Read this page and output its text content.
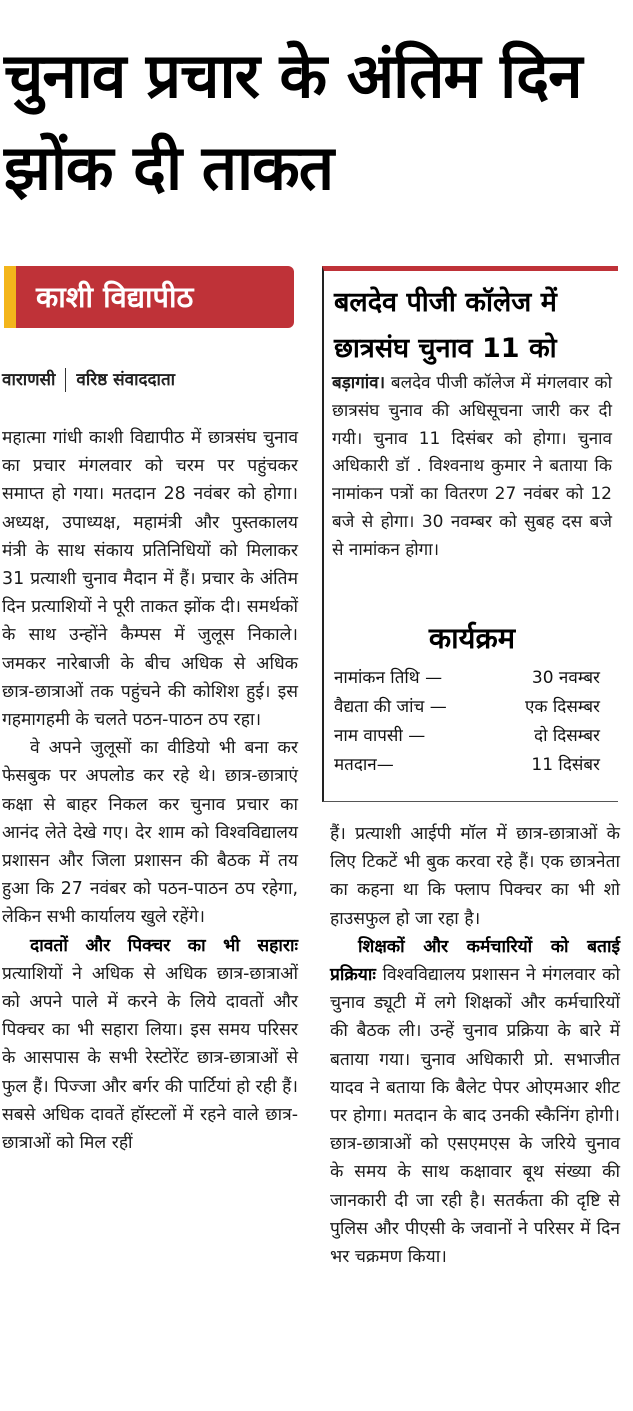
चुनाव प्रचार के अंतिम दिन झोंक दी ताकत
काशी विद्यापीठ
वाराणसी वरिष्ठ संवाददाता

महात्मा गांधी काशी विद्यापीठ में छात्रसंघ चुनाव का प्रचार मंगलवार को चरम पर पहुंचकर समाप्त हो गया। मतदान 28 नवंबर को होगा। अध्यक्ष, उपाध्यक्ष, महामंत्री और पुस्तकालय मंत्री के साथ संकाय प्रतिनिधियों को मिलाकर 31 प्रत्याशी चुनाव मैदान में हैं। प्रचार के अंतिम दिन प्रत्याशियों ने पूरी ताकत झोंक दी। समर्थकों के साथ उन्होंने कैम्पस में जुलूस निकाले। जमकर नारेबाजी के बीच अधिक से अधिक छात्र-छात्राओं तक पहुंचने की कोशिश हुई। इस गहमागहमी के चलते पठन-पाठन ठप रहा।

वे अपने जुलूसों का वीडियो भी बना कर फेसबुक पर अपलोड कर रहे थे। छात्र-छात्राएं कक्षा से बाहर निकल कर चुनाव प्रचार का आनंद लेते देखे गए। देर शाम को विश्वविद्यालय प्रशासन और जिला प्रशासन की बैठक में तय हुआ कि 27 नवंबर को पठन-पाठन ठप रहेगा, लेकिन सभी कार्यालय खुले रहेंगे।

दावतों और पिक्चर का भी सहाराः प्रत्याशियों ने अधिक से अधिक छात्र-छात्राओं को अपने पाले में करने के लिये दावतों और पिक्चर का भी सहारा लिया। इस समय परिसर के आसपास के सभी रेस्टोरेंट छात्र-छात्राओं से फुल हैं। पिज्जा और बर्गर की पार्टियां हो रही हैं। सबसे अधिक दावतें हॉस्टलों में रहने वाले छात्र-छात्राओं को मिल रहीं

बलदेव पीजी कॉलेज में छात्रसंघ चुनाव 11 को
बड़ागांव। बलदेव पीजी कॉलेज में मंगलवार को छात्रसंघ चुनाव की अधिसूचना जारी कर दी गयी। चुनाव 11 दिसंबर को होगा। चुनाव अधिकारी डॉ . विश्वनाथ कुमार ने बताया कि नामांकन पत्रों का वितरण 27 नवंबर को 12 बजे से होगा। 30 नवम्बर को सुबह दस बजे से नामांकन होगा।
कार्यक्रम
नामांकन तिथि —	30 नवम्बर
वैद्यता की जांच —	एक दिसम्बर
नाम वापसी —	दो दिसम्बर
मतदान—	11 दिसंबर

हैं। प्रत्याशी आईपी मॉल में छात्र-छात्राओं के लिए टिकटें भी बुक करवा रहे हैं। एक छात्रनेता का कहना था कि फ्लाप पिक्चर का भी शो हाउसफुल हो जा रहा है।

शिक्षकों और कर्मचारियों को बताई प्रक्रियाः विश्वविद्यालय प्रशासन ने मंगलवार को चुनाव ड्यूटी में लगे शिक्षकों और कर्मचारियों की बैठक ली। उन्हें चुनाव प्रक्रिया के बारे में बताया गया। चुनाव अधिकारी प्रो. सभाजीत यादव ने बताया कि बैलेट पेपर ओएमआर शीट पर होगा। मतदान के बाद उनकी स्कैनिंग होगी। छात्र-छात्राओं को एसएमएस के जरिये चुनाव के समय के साथ कक्षावार बूथ संख्या की जानकारी दी जा रही है। सतर्कता की दृष्टि से पुलिस और पीएसी के जवानों ने परिसर में दिन भर चक्रमण किया।
